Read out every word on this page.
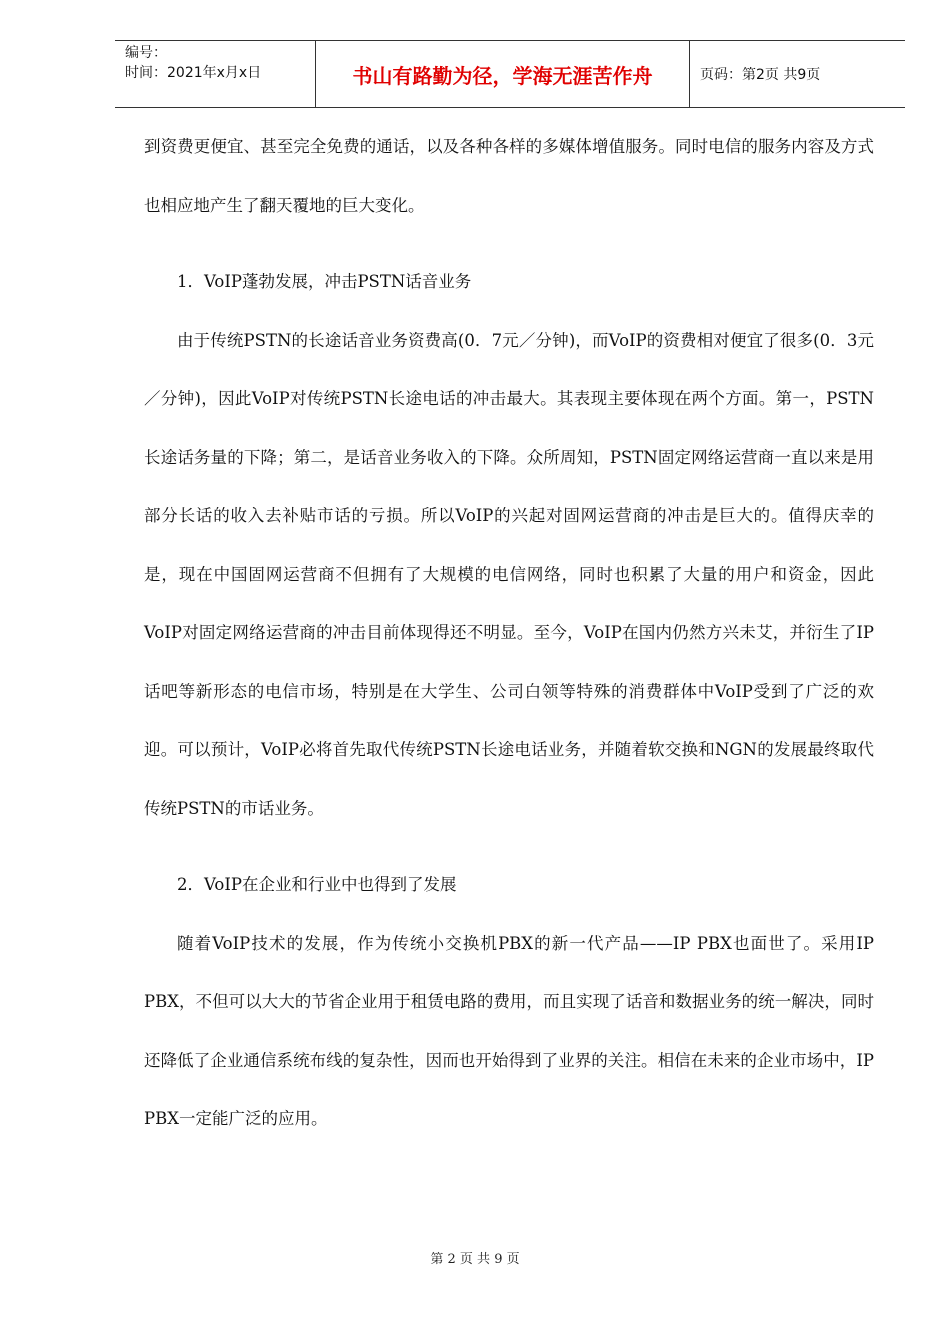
编号：
时间：2021年x月x日	书山有路勤为径，学海无涯苦作舟	页码：第2页 共9页

到资费更便宜、甚至完全免费的通话，以及各种各样的多媒体增值服务。同时电信的服务内容及方式也相应地产生了翻天覆地的巨大变化。

1．VoIP蓬勃发展，冲击PSTN话音业务

由于传统PSTN的长途话音业务资费高(0．7元／分钟)，而VoIP的资费相对便宜了很多(0．3元／分钟)，因此VoIP对传统PSTN长途电话的冲击最大。其表现主要体现在两个方面。第一，PSTN长途话务量的下降；第二，是话音业务收入的下降。众所周知，PSTN固定网络运营商一直以来是用部分长话的收入去补贴市话的亏损。所以VoIP的兴起对固网运营商的冲击是巨大的。值得庆幸的是，现在中国固网运营商不但拥有了大规模的电信网络，同时也积累了大量的用户和资金，因此VoIP对固定网络运营商的冲击目前体现得还不明显。至今，VoIP在国内仍然方兴未艾，并衍生了IP话吧等新形态的电信市场，特别是在大学生、公司白领等特殊的消费群体中VoIP受到了广泛的欢迎。可以预计，VoIP必将首先取代传统PSTN长途电话业务，并随着软交换和NGN的发展最终取代传统PSTN的市话业务。

2．VoIP在企业和行业中也得到了发展

随着VoIP技术的发展，作为传统小交换机PBX的新一代产品——IP PBX也面世了。采用IP PBX，不但可以大大的节省企业用于租赁电路的费用，而且实现了话音和数据业务的统一解决，同时还降低了企业通信系统布线的复杂性，因而也开始得到了业界的关注。相信在未来的企业市场中，IP PBX一定能广泛的应用。

第 2 页 共 9 页
